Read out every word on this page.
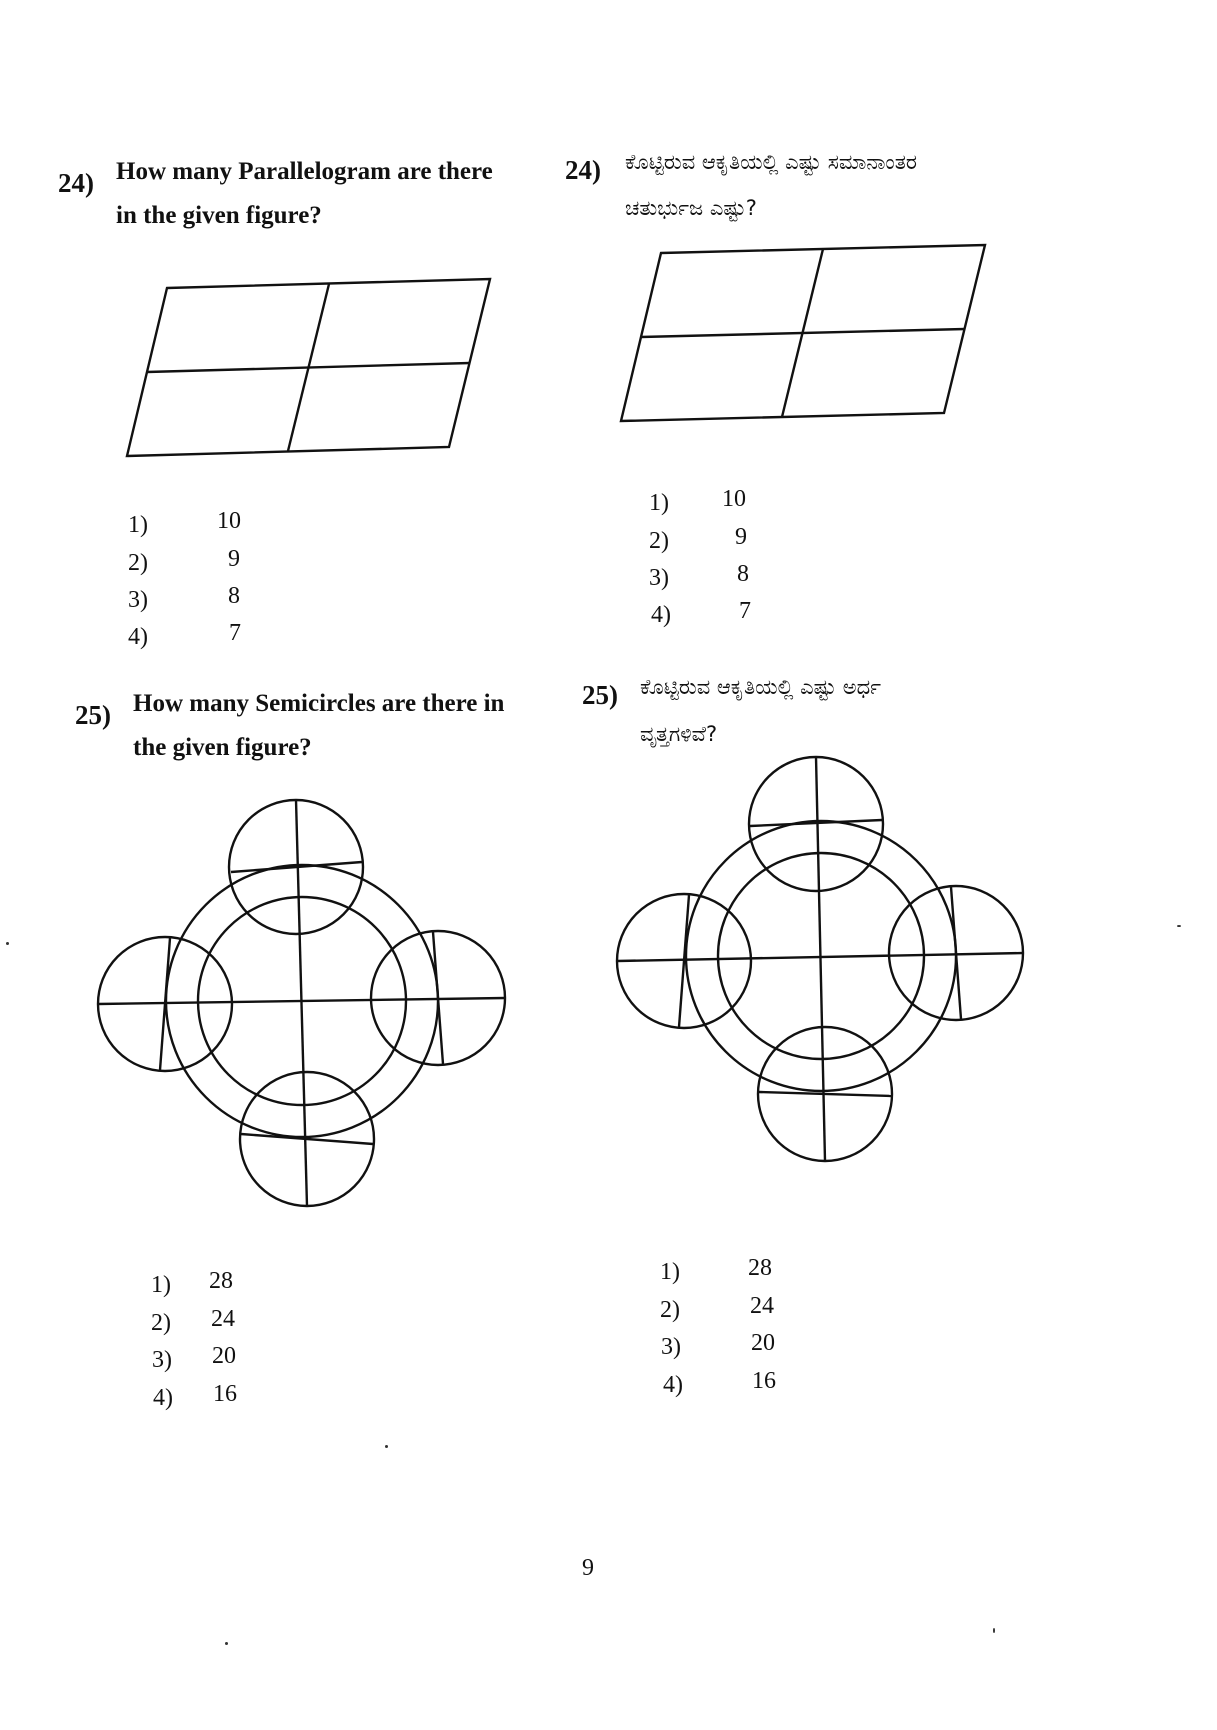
24) How many Parallelogram are there
in the given figure?
24) ಕೊಟ್ಟಿರುವ ಆಕೃತಿಯಲ್ಲಿ ಎಷ್ಟು ಸಮಾನಾಂತರ
ಚತುರ್ಭುಜ ಎಷ್ಟು?
25) How many Semicircles are there in
the given figure?
25) ಕೊಟ್ಟಿರುವ ಆಕೃತಿಯಲ್ಲಿ ಎಷ್ಟು ಅರ್ಧ
ವೃತ್ತಗಳಿವೆ?
1)	10
2)	9
3)	8
4)	7
1) 10
2)	9
3)	8
4)	7
1) 28
2) 24
3) 20
4) 16
1)	28
2)	24
3)	20
4)	16
9
